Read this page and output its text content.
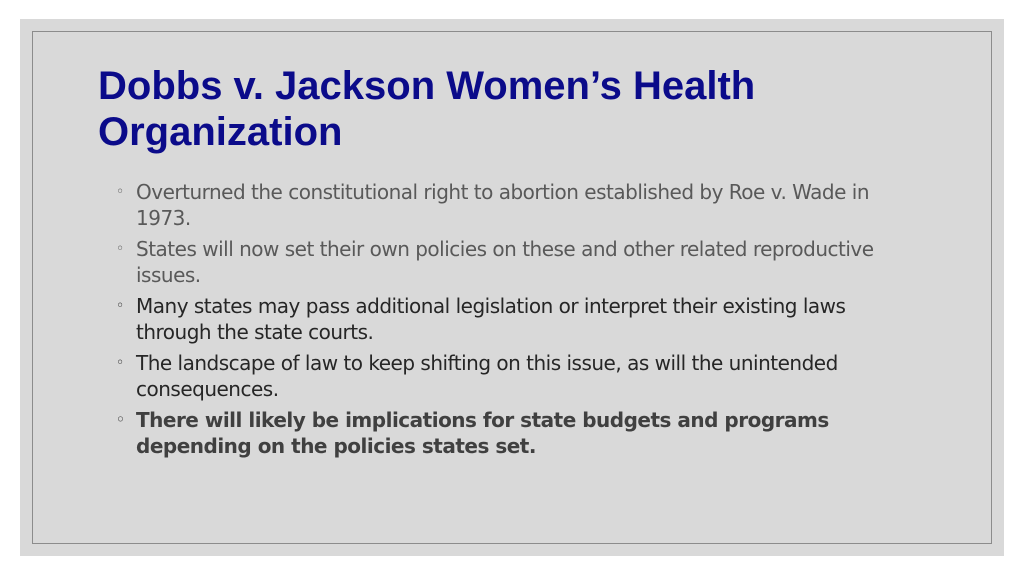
Dobbs v. Jackson Women’s Health Organization
◦ Overturned the constitutional right to abortion established by Roe v. Wade in 1973.
◦ States will now set their own policies on these and other related reproductive issues.
◦ Many states may pass additional legislation or interpret their existing laws through the state courts.
◦ The landscape of law to keep shifting on this issue, as will the unintended consequences.
◦ There will likely be implications for state budgets and programs depending on the policies states set.
